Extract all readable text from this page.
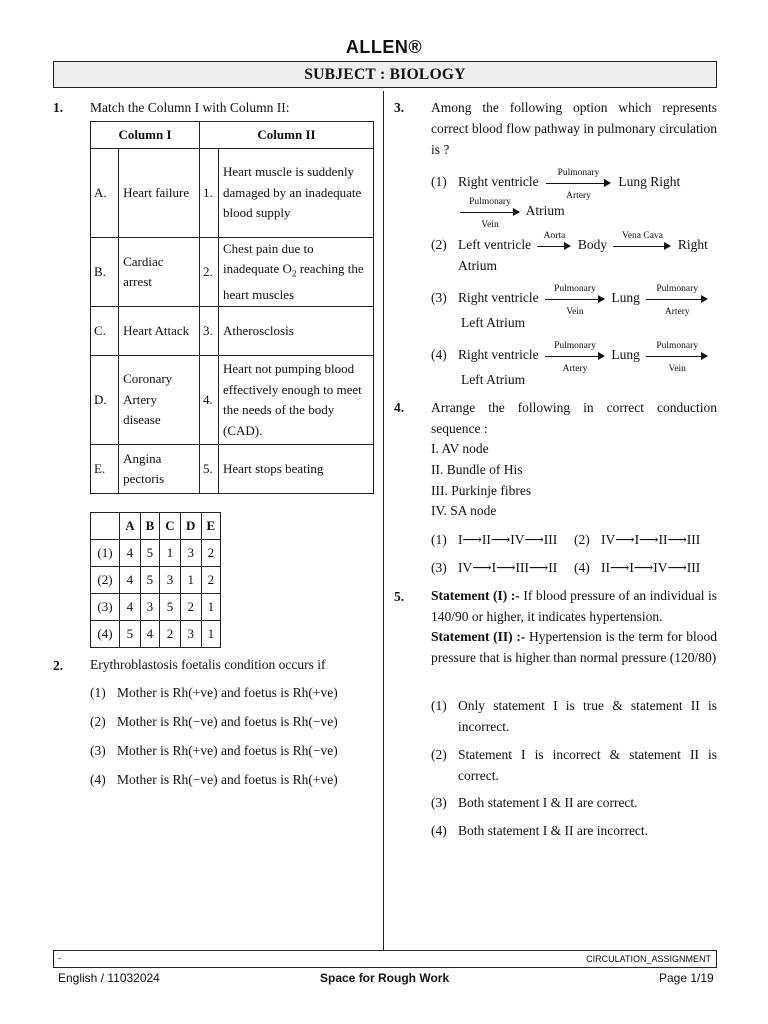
ALLEN®
SUBJECT : BIOLOGY
1. Match the Column I with Column II:
Column I		Column II	
A.	Heart failure	1.	Heart muscle is suddenly damaged by an inadequate blood supply
B.	Cardiac arrest	2.	Chest pain due to inadequate $O_2$ reaching the heart muscles
C.	Heart Attack	3.	Atherosclosis
D.	Coronary Artery disease	4.	Heart not pumping blood effectively enough to meet the needs of the body (CAD).
E.	Angina pectoris	5.	Heart stops beating
	A	B	C	D	E
(1)	4	5	1	3	2
(2)	4	5	3	1	2
(3)	4	3	5	2	1
(4)	5	4	2	3	1
2. Erythroblastosis foetalis condition occurs if
(1) Mother is Rh(+ve) and foetus is Rh(+ve)
(2) Mother is Rh(−ve) and foetus is Rh(−ve)
(3) Mother is Rh(+ve) and foetus is Rh(−ve)
(4) Mother is Rh(−ve) and foetus is Rh(+ve)
3. Among the following option which represents correct blood flow pathway in pulmonary circulation is ?
(1) Right ventricle
Pulmonary
Artery
Lung Right
Pulmonary
Vein
Atrium
(2) Left ventricle
Aorta
Body
Vena Cava
Right
Atrium
(3) Right ventricle
Pulmonary
Vein
Lung
Pulmonary
Artery
Left Atrium
(4) Right ventricle
Pulmonary
Artery
Lung
Pulmonary
Vein
Left Atrium
4. Arrange the following in correct conduction sequence :
I. AV node
II. Bundle of His
III. Purkinje fibres
IV. SA node
(1) I⟶II⟶IV⟶III (2) IV⟶I⟶II⟶III
(3) IV⟶I⟶III⟶II (4) II⟶I⟶IV⟶III
5. Statement (I) :- If blood pressure of an individual is 140/90 or higher, it indicates hypertension.
Statement (II) :- Hypertension is the term for blood pressure that is higher than normal pressure (120/80)
(1) Only statement I is true & statement II is incorrect.
(2) Statement I is incorrect & statement II is correct.
(3) Both statement I & II are correct.
(4) Both statement I & II are incorrect.
-	CIRCULATION_ASSIGNMENT
English / 11032024	Space for Rough Work	Page 1/19
